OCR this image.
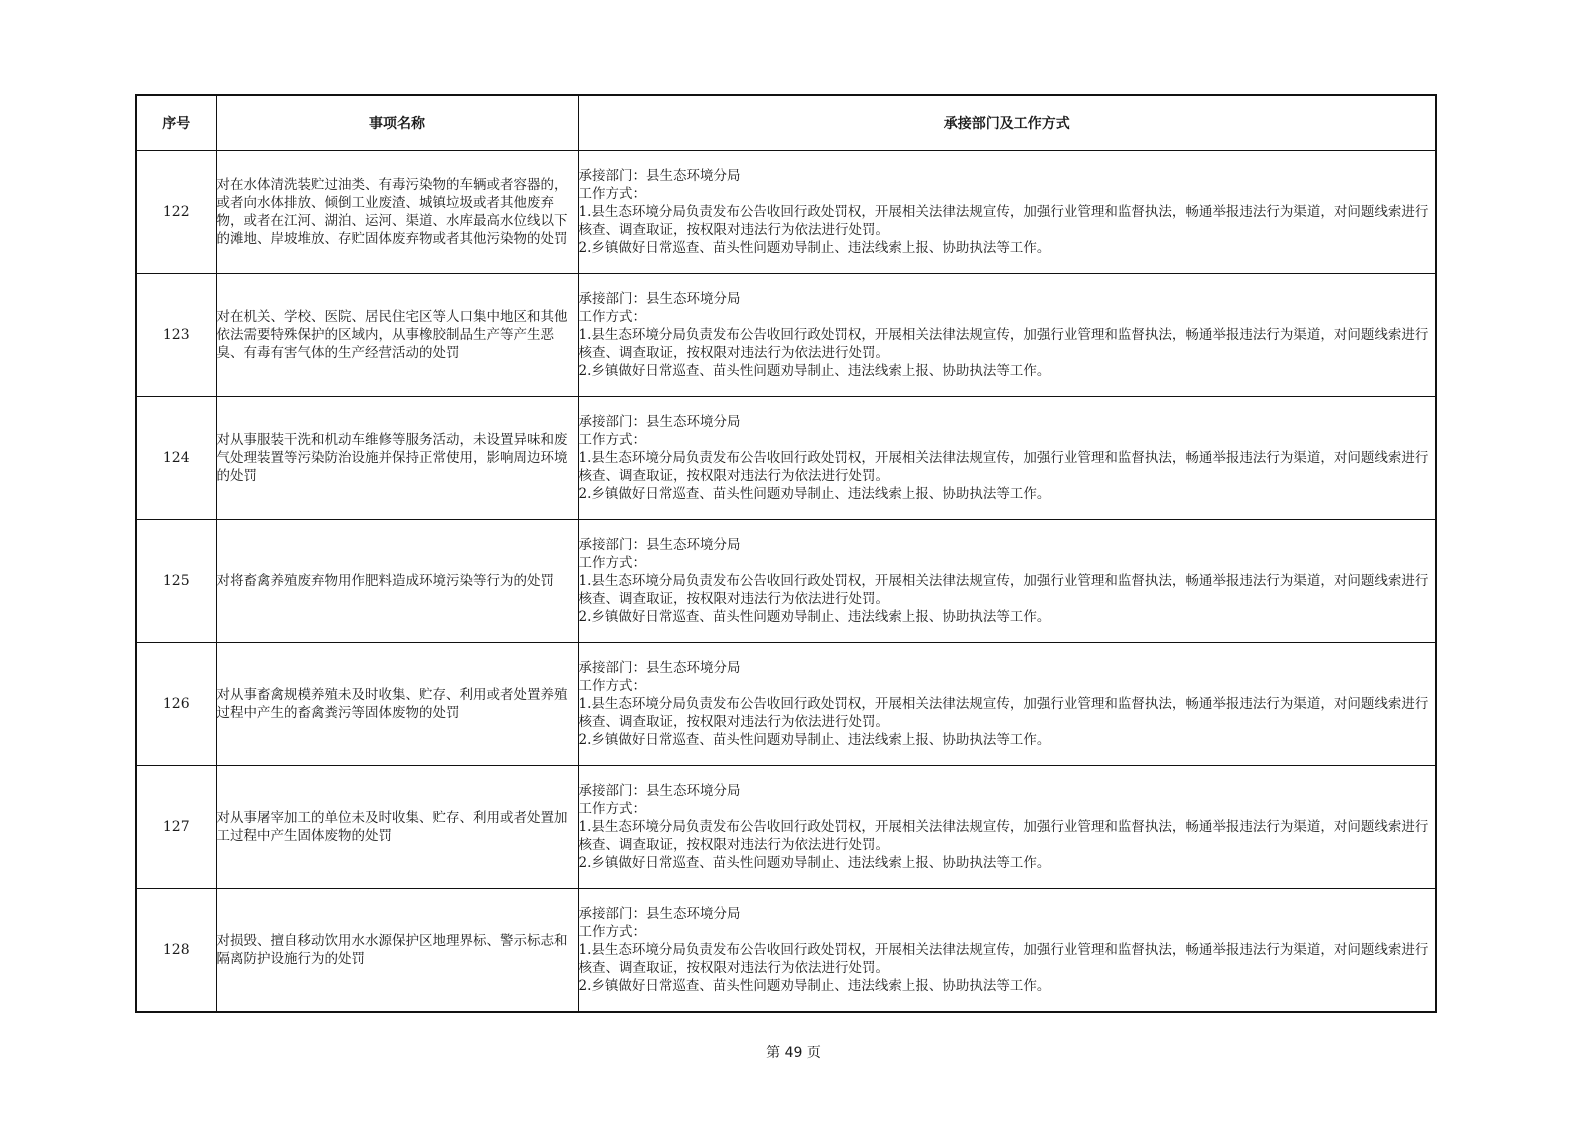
序号	事项名称	承接部门及工作方式
122	对在水体清洗装贮过油类、有毒污染物的车辆或者容器的，或者向水体排放、倾倒工业废渣、城镇垃圾或者其他废弃物，或者在江河、湖泊、运河、渠道、水库最高水位线以下的滩地、岸坡堆放、存贮固体废弃物或者其他污染物的处罚	承接部门：县生态环境分局
工作方式：
1.县生态环境分局负责发布公告收回行政处罚权，开展相关法律法规宣传，加强行业管理和监督执法，畅通举报违法行为渠道，对问题线索进行核查、调查取证，按权限对违法行为依法进行处罚。
2.乡镇做好日常巡查、苗头性问题劝导制止、违法线索上报、协助执法等工作。

123	对在机关、学校、医院、居民住宅区等人口集中地区和其他依法需要特殊保护的区域内，从事橡胶制品生产等产生恶臭、有毒有害气体的生产经营活动的处罚	承接部门：县生态环境分局
工作方式：
1.县生态环境分局负责发布公告收回行政处罚权，开展相关法律法规宣传，加强行业管理和监督执法，畅通举报违法行为渠道，对问题线索进行核查、调查取证，按权限对违法行为依法进行处罚。
2.乡镇做好日常巡查、苗头性问题劝导制止、违法线索上报、协助执法等工作。

124	对从事服装干洗和机动车维修等服务活动，未设置异味和废气处理装置等污染防治设施并保持正常使用，影响周边环境的处罚	承接部门：县生态环境分局
工作方式：
1.县生态环境分局负责发布公告收回行政处罚权，开展相关法律法规宣传，加强行业管理和监督执法，畅通举报违法行为渠道，对问题线索进行核查、调查取证，按权限对违法行为依法进行处罚。
2.乡镇做好日常巡查、苗头性问题劝导制止、违法线索上报、协助执法等工作。

125	对将畜禽养殖废弃物用作肥料造成环境污染等行为的处罚	承接部门：县生态环境分局
工作方式：
1.县生态环境分局负责发布公告收回行政处罚权，开展相关法律法规宣传，加强行业管理和监督执法，畅通举报违法行为渠道，对问题线索进行核查、调查取证，按权限对违法行为依法进行处罚。
2.乡镇做好日常巡查、苗头性问题劝导制止、违法线索上报、协助执法等工作。

126	对从事畜禽规模养殖未及时收集、贮存、利用或者处置养殖过程中产生的畜禽粪污等固体废物的处罚	承接部门：县生态环境分局
工作方式：
1.县生态环境分局负责发布公告收回行政处罚权，开展相关法律法规宣传，加强行业管理和监督执法，畅通举报违法行为渠道，对问题线索进行核查、调查取证，按权限对违法行为依法进行处罚。
2.乡镇做好日常巡查、苗头性问题劝导制止、违法线索上报、协助执法等工作。

127	对从事屠宰加工的单位未及时收集、贮存、利用或者处置加工过程中产生固体废物的处罚	承接部门：县生态环境分局
工作方式：
1.县生态环境分局负责发布公告收回行政处罚权，开展相关法律法规宣传，加强行业管理和监督执法，畅通举报违法行为渠道，对问题线索进行核查、调查取证，按权限对违法行为依法进行处罚。
2.乡镇做好日常巡查、苗头性问题劝导制止、违法线索上报、协助执法等工作。

128	对损毁、擅自移动饮用水水源保护区地理界标、警示标志和隔离防护设施行为的处罚	承接部门：县生态环境分局
工作方式：
1.县生态环境分局负责发布公告收回行政处罚权，开展相关法律法规宣传，加强行业管理和监督执法，畅通举报违法行为渠道，对问题线索进行核查、调查取证，按权限对违法行为依法进行处罚。
2.乡镇做好日常巡查、苗头性问题劝导制止、违法线索上报、协助执法等工作。
第 49 页
